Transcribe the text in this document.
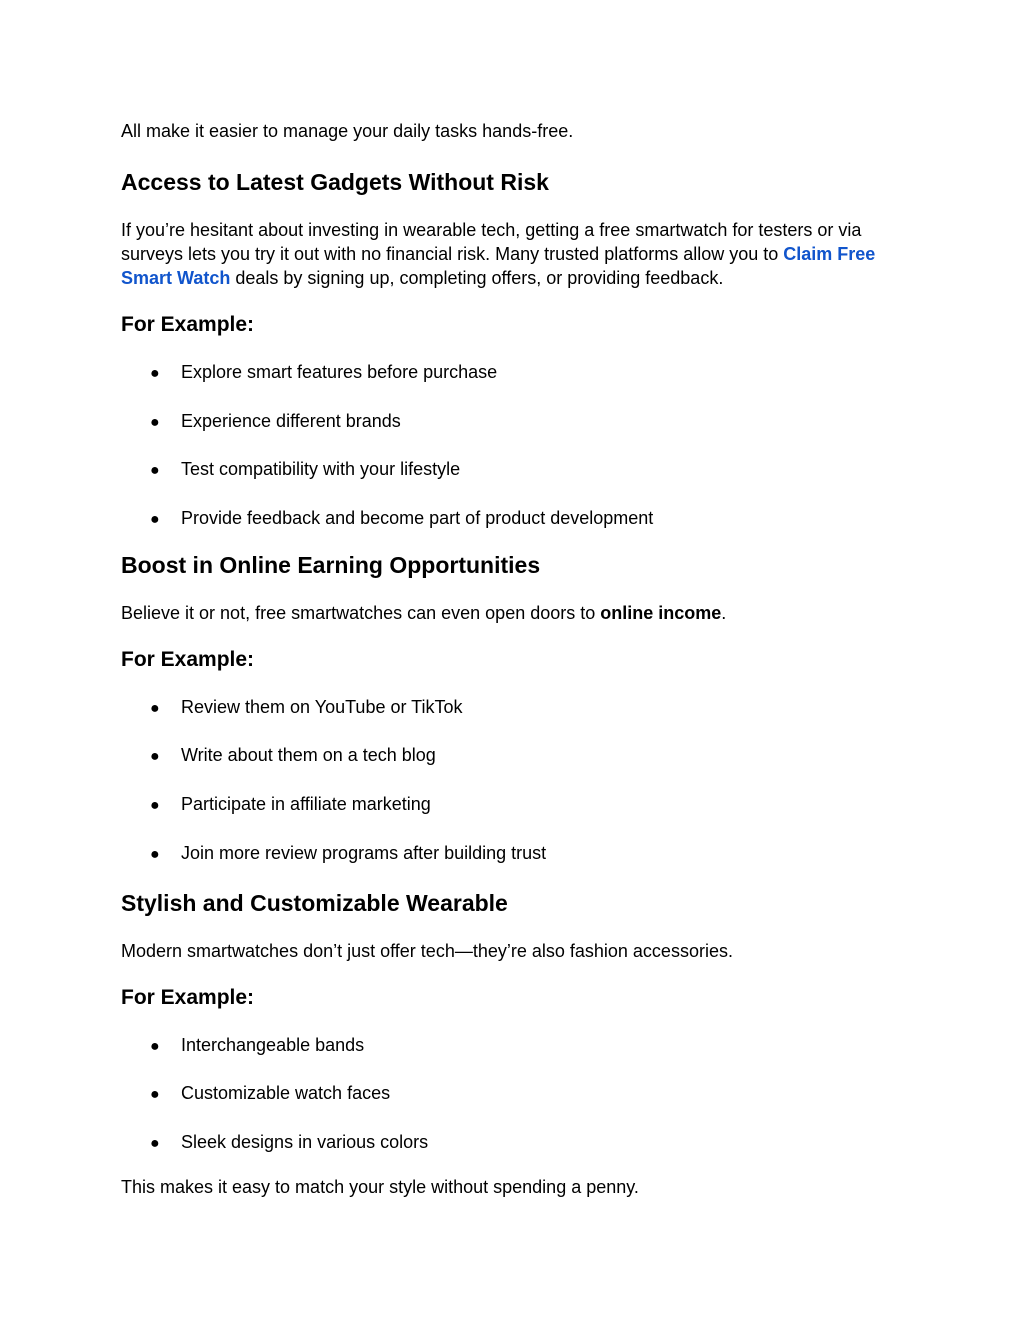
All make it easier to manage your daily tasks hands-free.

Access to Latest Gadgets Without Risk

If you’re hesitant about investing in wearable tech, getting a free smartwatch for testers or via surveys lets you try it out with no financial risk. Many trusted platforms allow you to Claim Free Smart Watch deals by signing up, completing offers, or providing feedback.

For Example:

● Explore smart features before purchase

● Experience different brands

● Test compatibility with your lifestyle

● Provide feedback and become part of product development

Boost in Online Earning Opportunities

Believe it or not, free smartwatches can even open doors to online income.

For Example:

● Review them on YouTube or TikTok

● Write about them on a tech blog

● Participate in affiliate marketing

● Join more review programs after building trust

Stylish and Customizable Wearable

Modern smartwatches don’t just offer tech—they’re also fashion accessories.

For Example:

● Interchangeable bands

● Customizable watch faces

● Sleek designs in various colors

This makes it easy to match your style without spending a penny.
